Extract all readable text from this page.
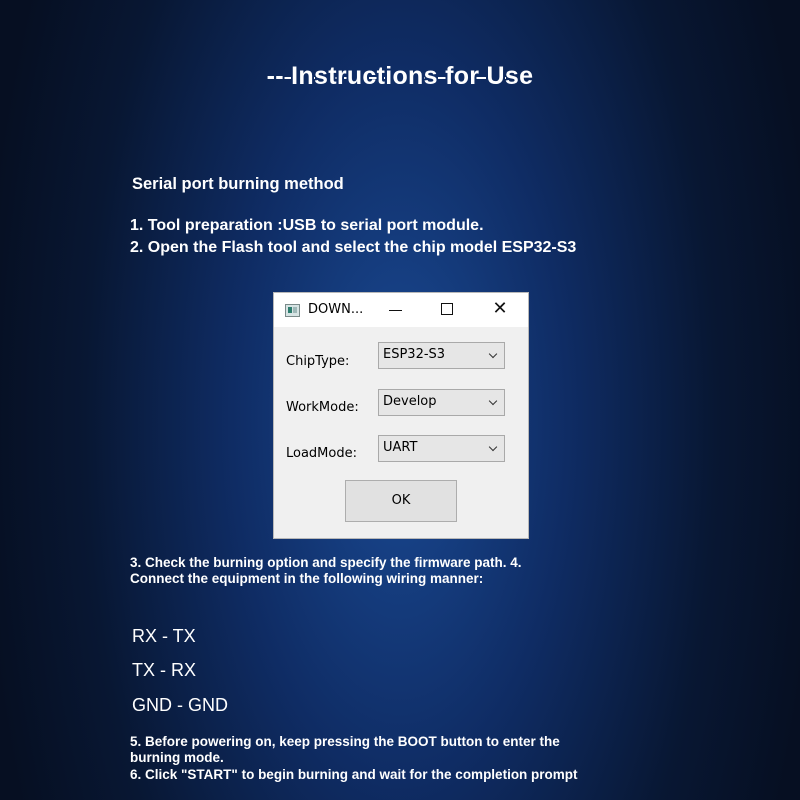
-- Instructions for Use
Serial port burning method
1. Tool preparation :USB to serial port module.
2. Open the Flash tool and select the chip model ESP32-S3
DOWN...	✕
ChipType:	ESP32-S3
WorkMode: Develop
LoadMode: UART
OK
3. Check the burning option and specify the firmware path. 4.
Connect the equipment in the following wiring manner:
RX - TX
TX - RX
GND - GND
5. Before powering on, keep pressing the BOOT button to enter the
burning mode.
6. Click "START" to begin burning and wait for the completion prompt
